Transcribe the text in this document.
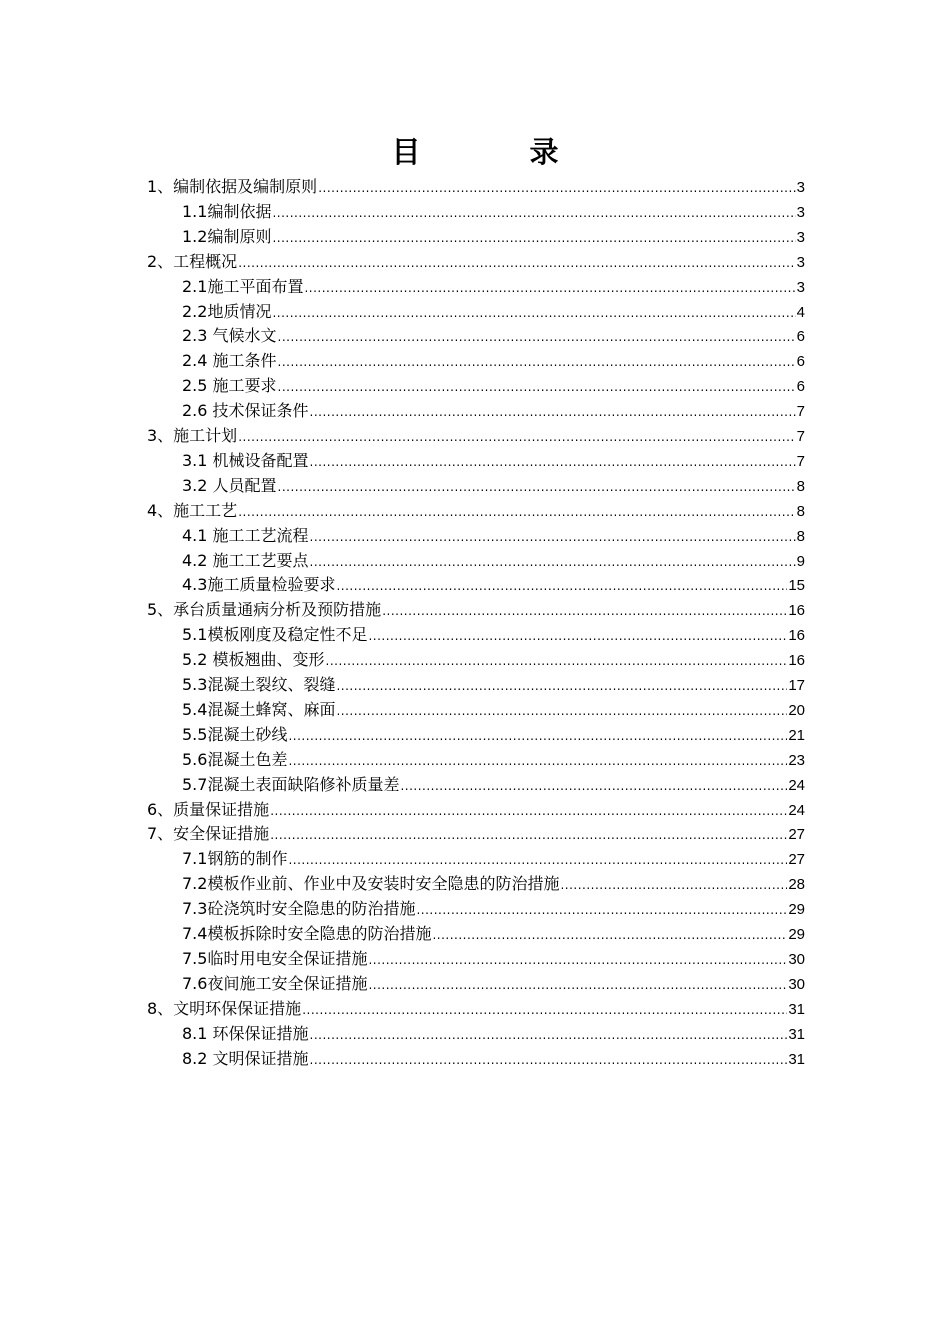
目　录
1、编制依据及编制原则 .....	3
1.1编制依据 .....	3
1.2编制原则 .....	3
2、工程概况 .....	3
2.1施工平面布置 .....	3
2.2地质情况 .....	4
2.3 气候水文 .....	6
2.4 施工条件 .....	6
2.5 施工要求 .....	6
2.6 技术保证条件 .....	7
3、施工计划 .....	7
3.1 机械设备配置 .....	7
3.2 人员配置 .....	8
4、施工工艺 .....	8
4.1 施工工艺流程 .....	8
4.2 施工工艺要点 .....	9
4.3施工质量检验要求 .....	15
5、承台质量通病分析及预防措施 .....	16
5.1模板刚度及稳定性不足 .....	16
5.2 模板翘曲、变形 .....	16
5.3混凝土裂纹、裂缝 .....	17
5.4混凝土蜂窝、麻面 .....	20
5.5混凝土砂线 .....	21
5.6混凝土色差 .....	23
5.7混凝土表面缺陷修补质量差 .....	24
6、质量保证措施 .....	24
7、安全保证措施 .....	27
7.1钢筋的制作 .....	27
7.2模板作业前、作业中及安装时安全隐患的防治措施 .....	28
7.3砼浇筑时安全隐患的防治措施 .....	29
7.4模板拆除时安全隐患的防治措施 .....	29
7.5临时用电安全保证措施 .....	30
7.6夜间施工安全保证措施 .....	30
8、文明环保保证措施 .....	31
8.1 环保保证措施 .....	31
8.2 文明保证措施 .....	31
